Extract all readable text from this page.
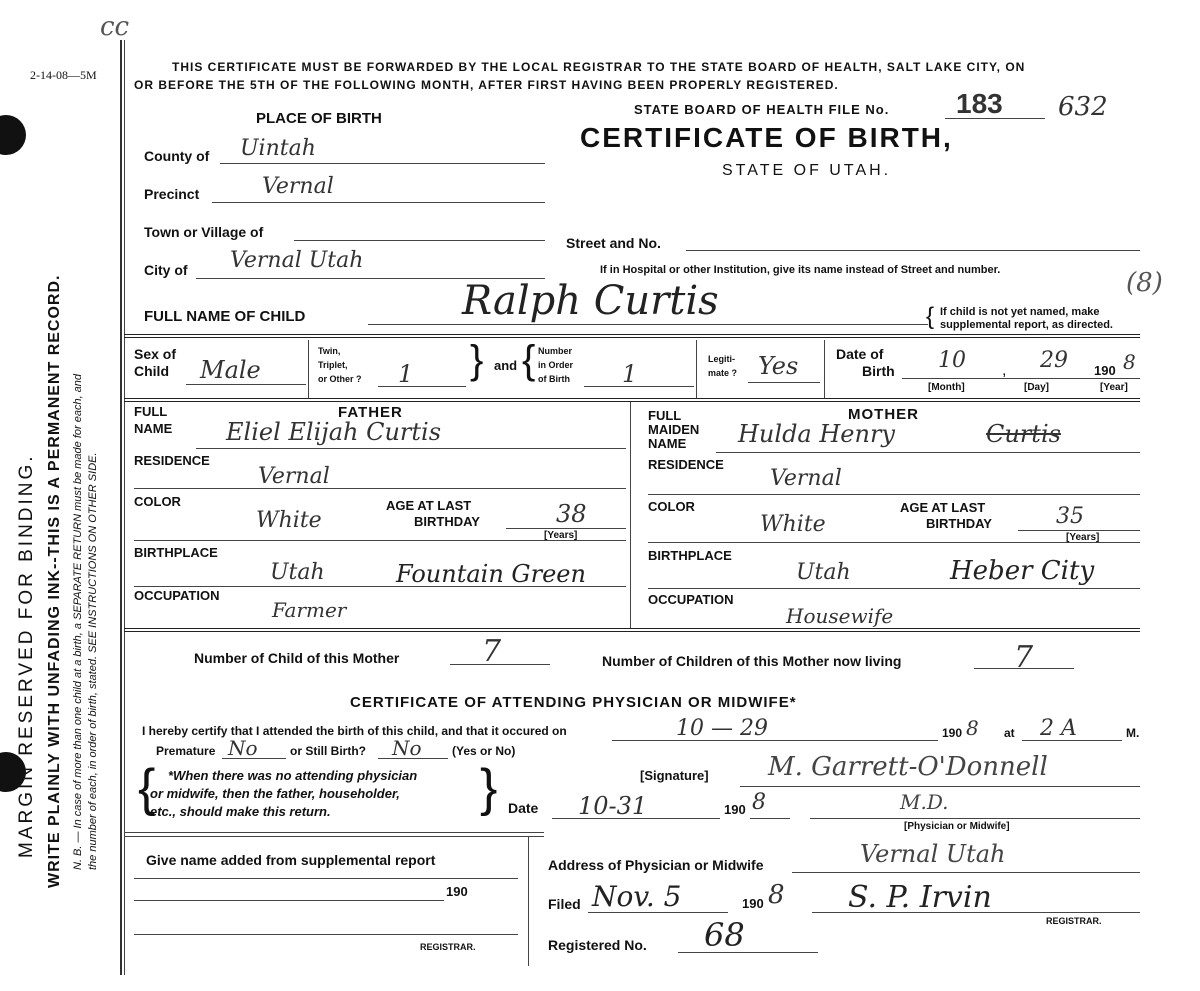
cc
2-14-08—5M
MARGIN RESERVED FOR BINDING. WRITE PLAINLY WITH UNFADING INK--THIS IS A PERMANENT RECORD. N. B. — In case of more than one child at a birth, a SEPARATE RETURN must be made for each, and the number of each, in order of birth, stated. SEE INSTRUCTIONS ON OTHER SIDE.
THIS CERTIFICATE MUST BE FORWARDED BY THE LOCAL REGISTRAR TO THE STATE BOARD OF HEALTH, SALT LAKE CITY, ON
OR BEFORE THE 5TH OF THE FOLLOWING MONTH, AFTER FIRST HAVING BEEN PROPERLY REGISTERED.
STATE BOARD OF HEALTH FILE No. 183 632
PLACE OF BIRTH
CERTIFICATE OF BIRTH,
STATE OF UTAH.
County of Uintah
Precinct	Vernal
Town or Village of
Street and No.
City of Vernal Utah	If in Hospital or other Institution, give its name instead of Street and number.	(8)
FULL NAME OF CHILD	Ralph Curtis	{ If child is not yet named, make
supplemental report, as directed.
Sex of
Child Male
Twin,
Triplet,
or Other ? 1 } and { Number
in Order
of Birth 1
Legiti-
mate ? Yes	Date of
Birth 10 , 29 190 8
[Month]	[Day]	[Year]
FULL
NAME
FATHER
Eliel Elijah Curtis
RESIDENCE
Vernal
COLOR
White
AGE AT LAST
BIRTHDAY	38
[Years]
BIRTHPLACE
Utah	Fountain Green
OCCUPATION
Farmer
FULL
MAIDEN
NAME
MOTHER
Hulda Henry	Curtis
RESIDENCE
Vernal
COLOR
White
AGE AT LAST
BIRTHDAY	35
[Years]
BIRTHPLACE
Utah	Heber City
OCCUPATION
Housewife
Number of Child of this Mother	7	Number of Children of this Mother now living	7
CERTIFICATE OF ATTENDING PHYSICIAN OR MIDWIFE*
I hereby certify that I attended the birth of this child, and that it occured on	10 — 29	190 8 at 2 A	M.
Premature No	or Still Birth? No	(Yes or No)
{ *When there was no attending physician
or midwife, then the father, householder,
etc., should make this return.	}	[Signature] M. Garrett-O'Donnell
Date 10-31	190 8	M.D.
[Physician or Midwife]
Give name added from supplemental report
190
REGISTRAR.
Address of Physician or Midwife	Vernal Utah
Filed Nov. 5	190 8 S. P. Irvin
REGISTRAR.
Registered No. 68
